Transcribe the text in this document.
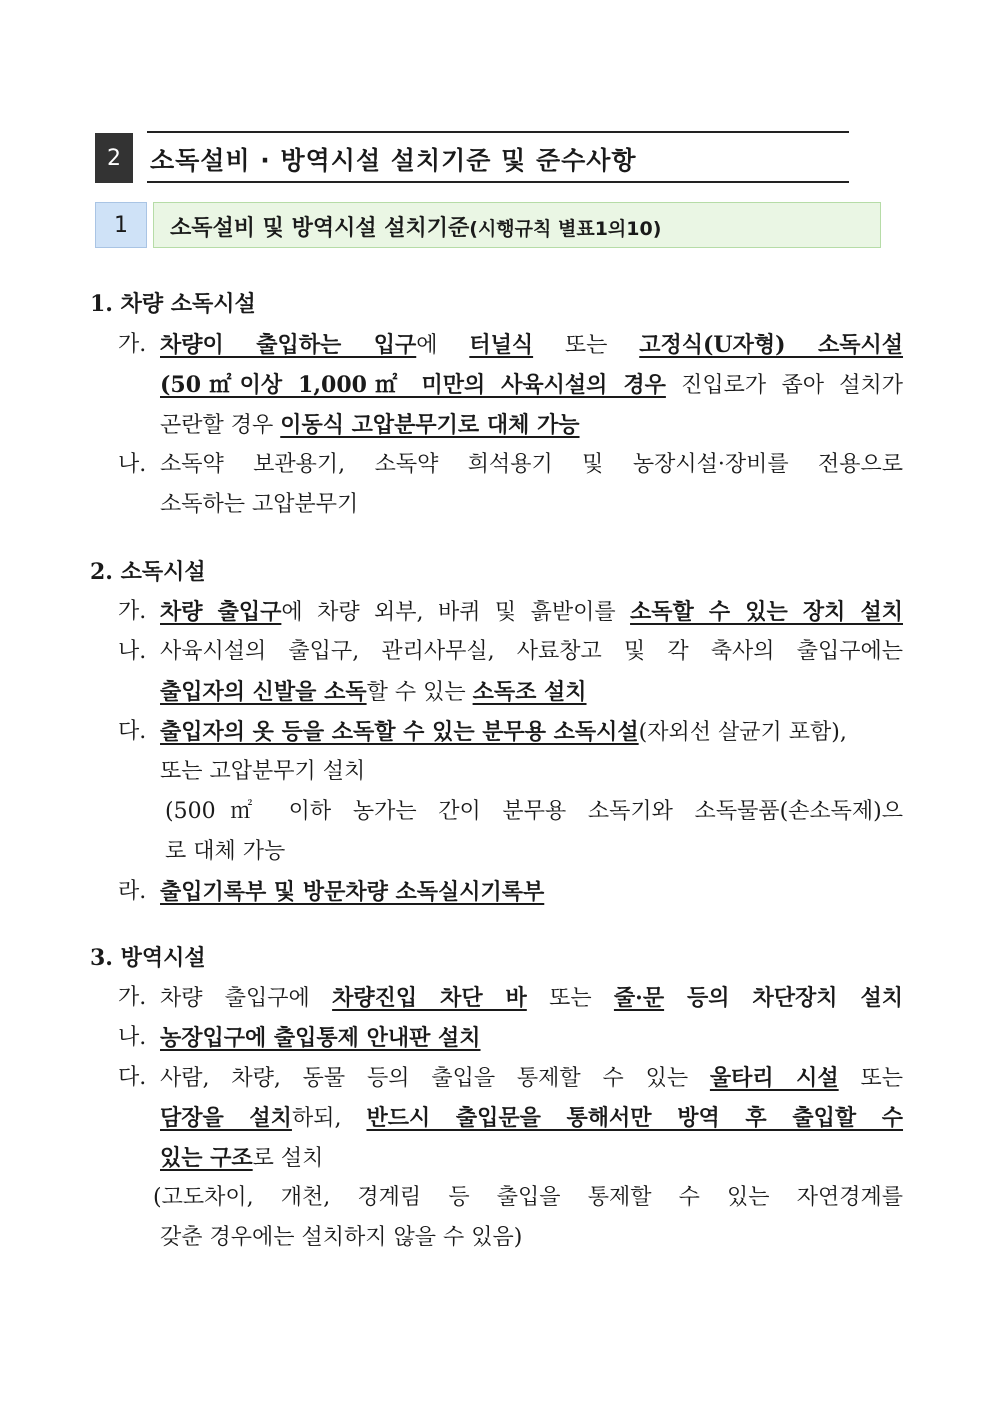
2	소독설비 · 방역시설 설치기준 및 준수사항
1	소독설비 및 방역시설 설치기준(시행규칙 별표1의10)
1. 차량 소독시설
가. 차량이 출입하는 입구에 터널식 또는 고정식(U자형) 소독시설
(50㎡이상 1,000㎡ 미만의 사육시설의 경우 진입로가 좁아 설치가
곤란할 경우 이동식 고압분무기로 대체 가능
나. 소독약 보관용기, 소독약 희석용기 및 농장시설·장비를 전용으로
소독하는 고압분무기
2. 소독시설
가. 차량 출입구에 차량 외부, 바퀴 및 흙받이를 소독할 수 있는 장치 설치
나. 사육시설의 출입구, 관리사무실, 사료창고 및 각 축사의 출입구에는
출입자의 신발을 소독할 수 있는 소독조 설치
다. 출입자의 옷 등을 소독할 수 있는 분무용 소독시설(자외선 살균기 포함),
또는 고압분무기 설치
(500㎡ 이하 농가는 간이 분무용 소독기와 소독물품(손소독제)으
로 대체 가능
라. 출입기록부 및 방문차량 소독실시기록부
3. 방역시설
가. 차량 출입구에 차량진입 차단 바 또는 줄·문 등의 차단장치 설치
나. 농장입구에 출입통제 안내판 설치
다. 사람, 차량, 동물 등의 출입을 통제할 수 있는 울타리 시설 또는
담장을 설치하되, 반드시 출입문을 통해서만 방역 후 출입할 수
있는 구조로 설치
(고도차이, 개천, 경계림 등 출입을 통제할 수 있는 자연경계를
갖춘 경우에는 설치하지 않을 수 있음)
